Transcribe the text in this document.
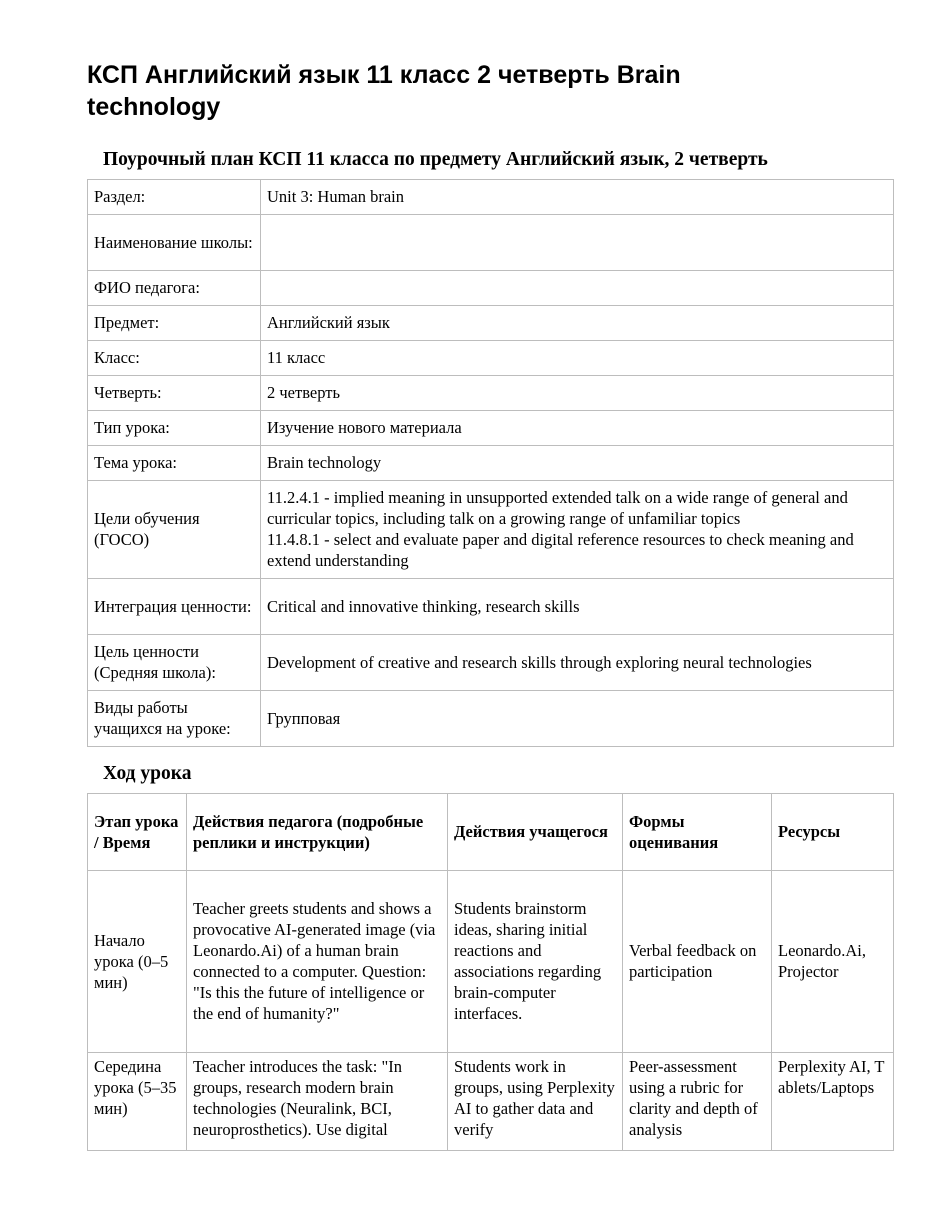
КСП Английский язык 11 класс 2 четверть Brain technology
Поурочный план КСП 11 класса по предмету Английский язык, 2 четверть
Раздел:	Unit 3: Human brain
Наименование школы:	
ФИО педагога:	
Предмет:	Английский язык
Класс:	11 класс
Четверть:	2 четверть
Тип урока:	Изучение нового материала
Тема урока:	Brain technology
Цели обучения (ГОСО)	11.2.4.1 - implied meaning in unsupported extended talk on a wide range of general and curricular topics, including talk on a growing range of unfamiliar topics
11.4.8.1 - select and evaluate paper and digital reference resources to check meaning and extend understanding

Интеграция ценности:	Critical and innovative thinking, research skills
Цель ценности (Средняя школа):	Development of creative and research skills through exploring neural technologies
Виды работы учащихся на уроке:	Групповая
Ход урока
Этап урока / Время	Действия педагога (подробные реплики и инструкции)	Действия учащегося	Формы оценивания	Ресурсы
Начало урока (0–5 мин)	Teacher greets students and shows a provocative AI-generated image (via Leonardo.Ai) of a human brain connected to a computer. Question: "Is this the future of intelligence or the end of humanity?"	Students brainstorm ideas, sharing initial reactions and associations regarding brain-computer interfaces.	Verbal feedback on participation	Leonardo.Ai, Projector
Середина урока (5–35 мин)	Teacher introduces the task: "In groups, research modern brain technologies (Neuralink, BCI, neuroprosthetics). Use digital	Students work in groups, using Perplexity AI to gather data and verify	Peer-assessment using a rubric for clarity and depth of analysis	Perplexity AI, Tablets/Laptops
